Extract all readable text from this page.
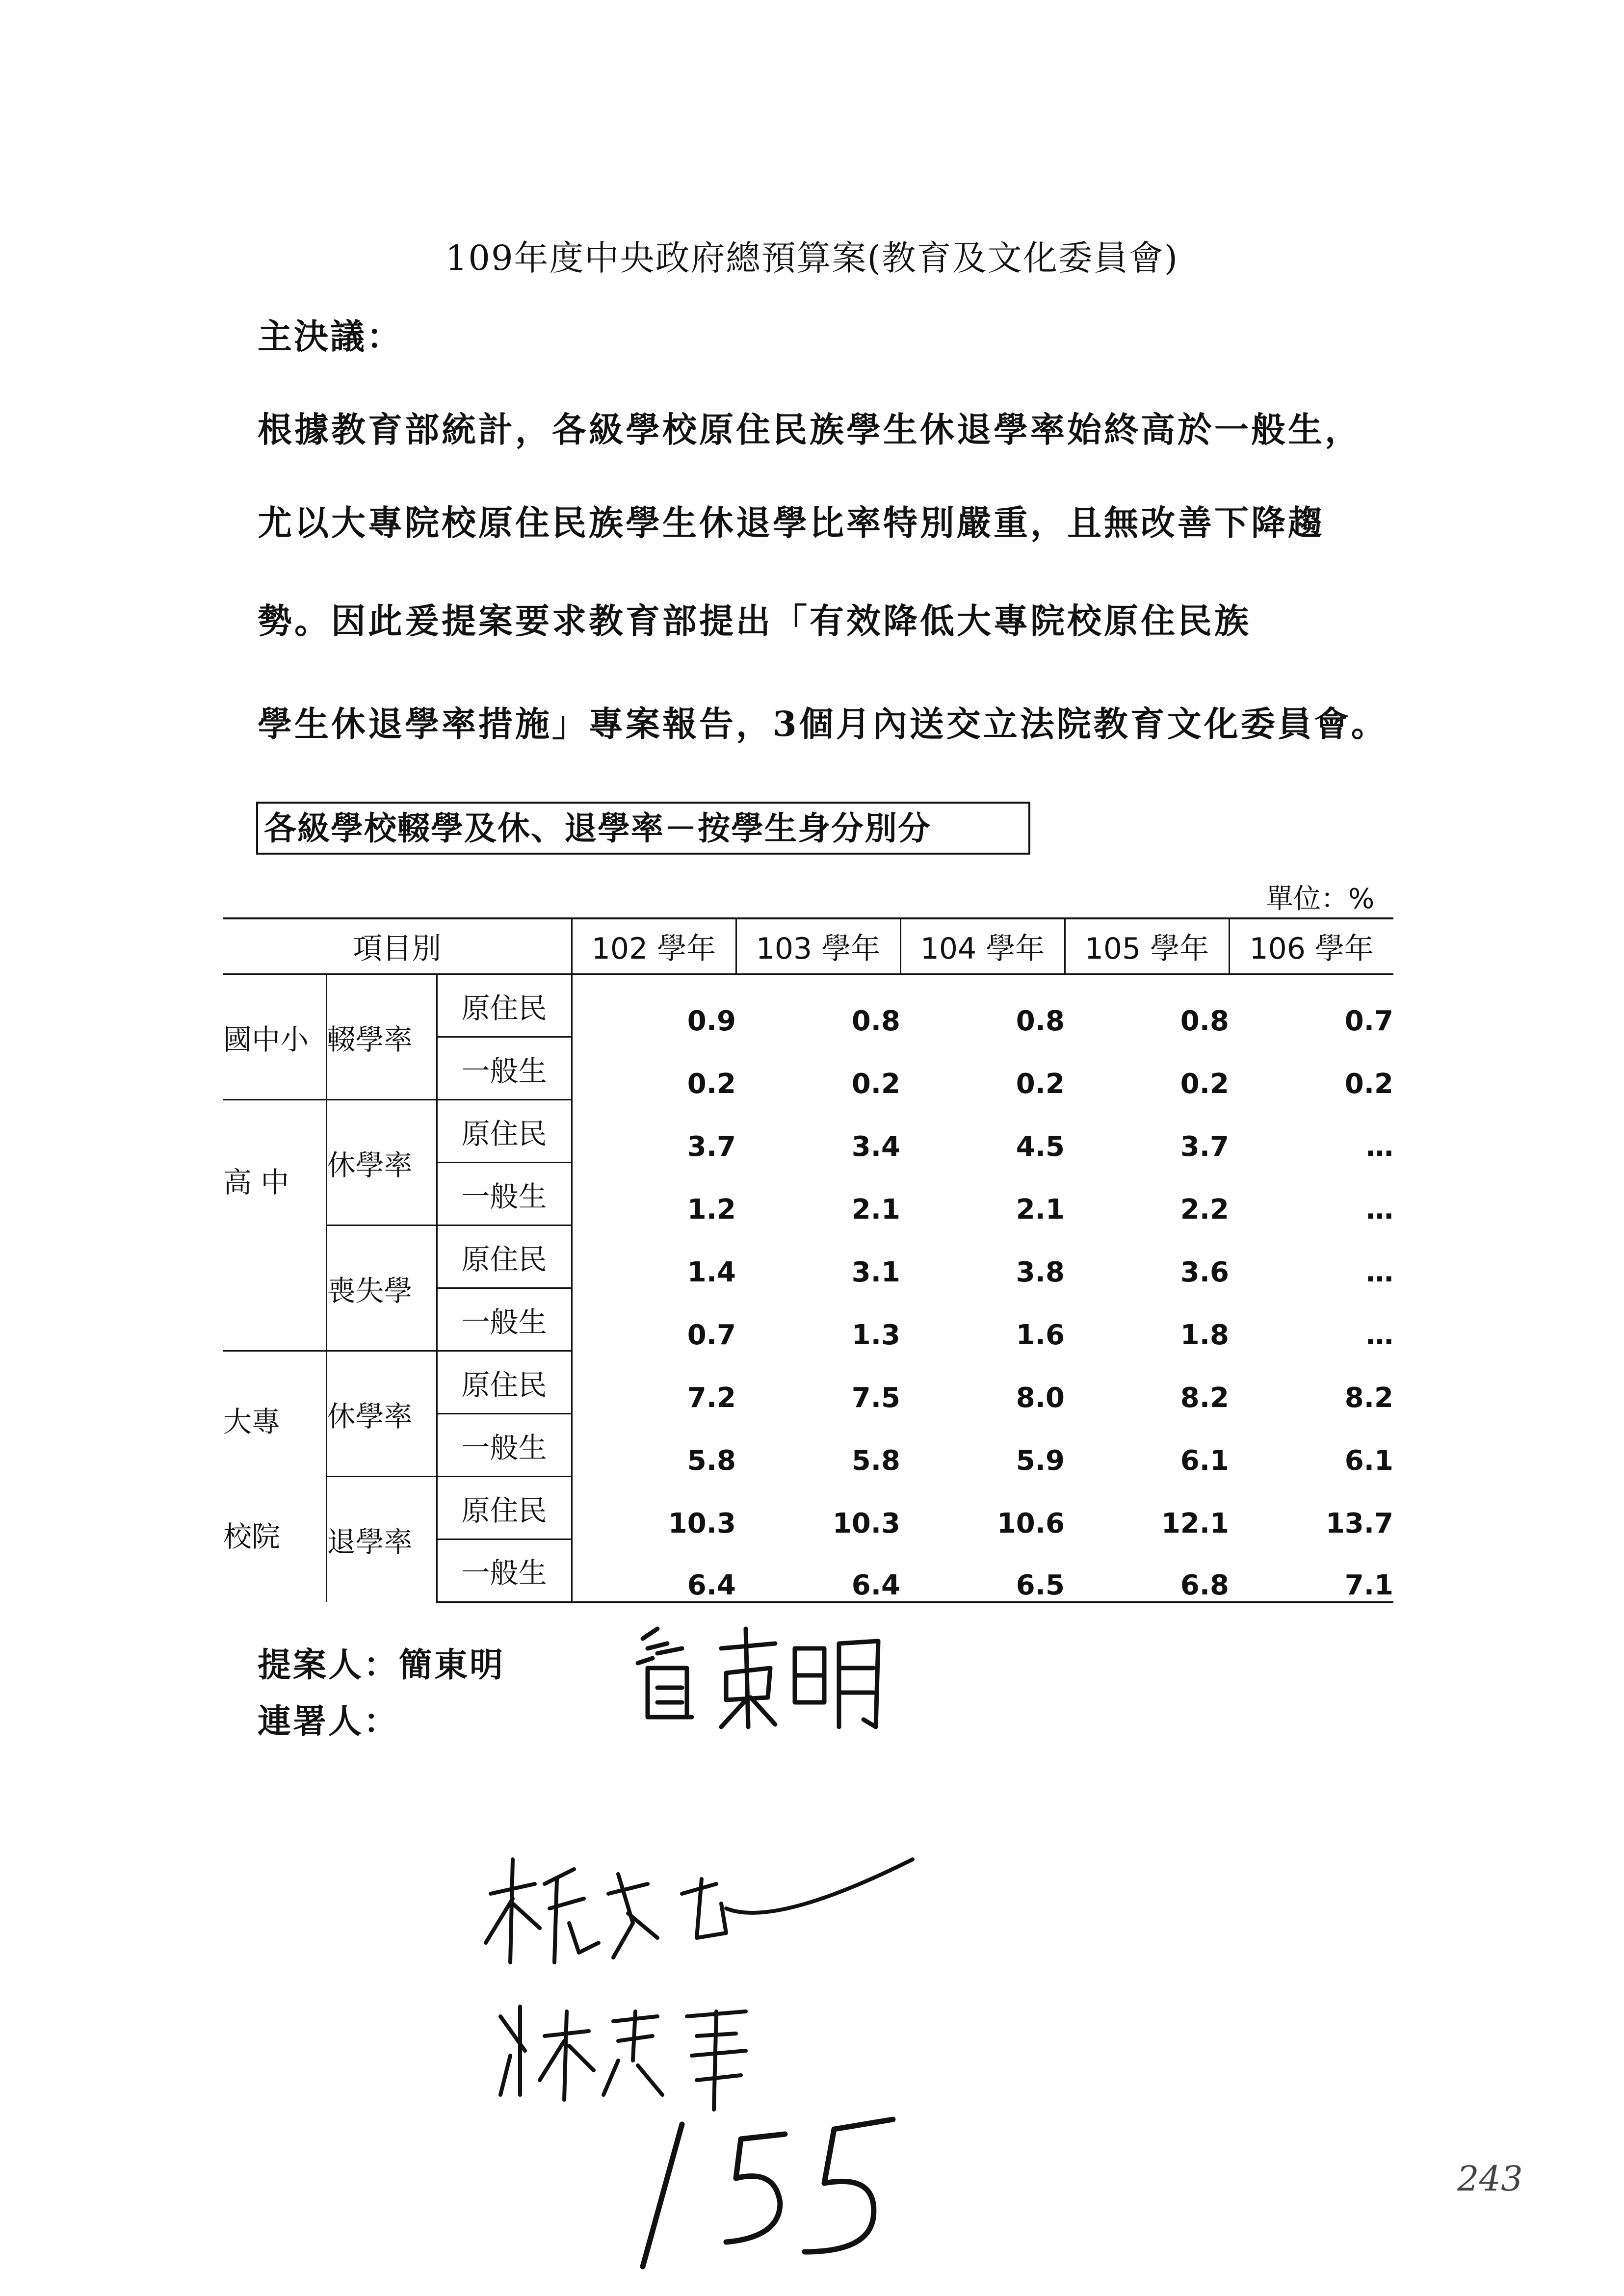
109年度中央政府總預算案(教育及文化委員會)
主決議：
根據教育部統計，各級學校原住民族學生休退學率始終高於一般生，
尤以大專院校原住民族學生休退學比率特別嚴重，且無改善下降趨
勢。因此爰提案要求教育部提出「有效降低大專院校原住民族
學生休退學率措施」專案報告，3個月內送交立法院教育文化委員會。
各級學校輟學及休、退學率－按學生身分別分
單位：%
項目別			102 學年	103 學年	104 學年	105 學年	106 學年
國中小	輟學率	原住民	0.9	0.8	0.8	0.8	0.7
		一般生	0.2	0.2	0.2	0.2	0.2
高 中	休學率	原住民	3.7	3.4	4.5	3.7	…
		一般生	1.2	2.1	2.1	2.2	…
	喪失學	原住民	1.4	3.1	3.8	3.6	…
		一般生	0.7	1.3	1.6	1.8	…

大專
校院	休學率	原住民	7.2	7.5	8.0	8.2	8.2
		一般生	5.8	5.8	5.9	6.1	6.1
	退學率	原住民	10.3	10.3	10.6	12.1	13.7
		一般生	6.4	6.4	6.5	6.8	7.1
提案人：簡東明
連署人：
243
